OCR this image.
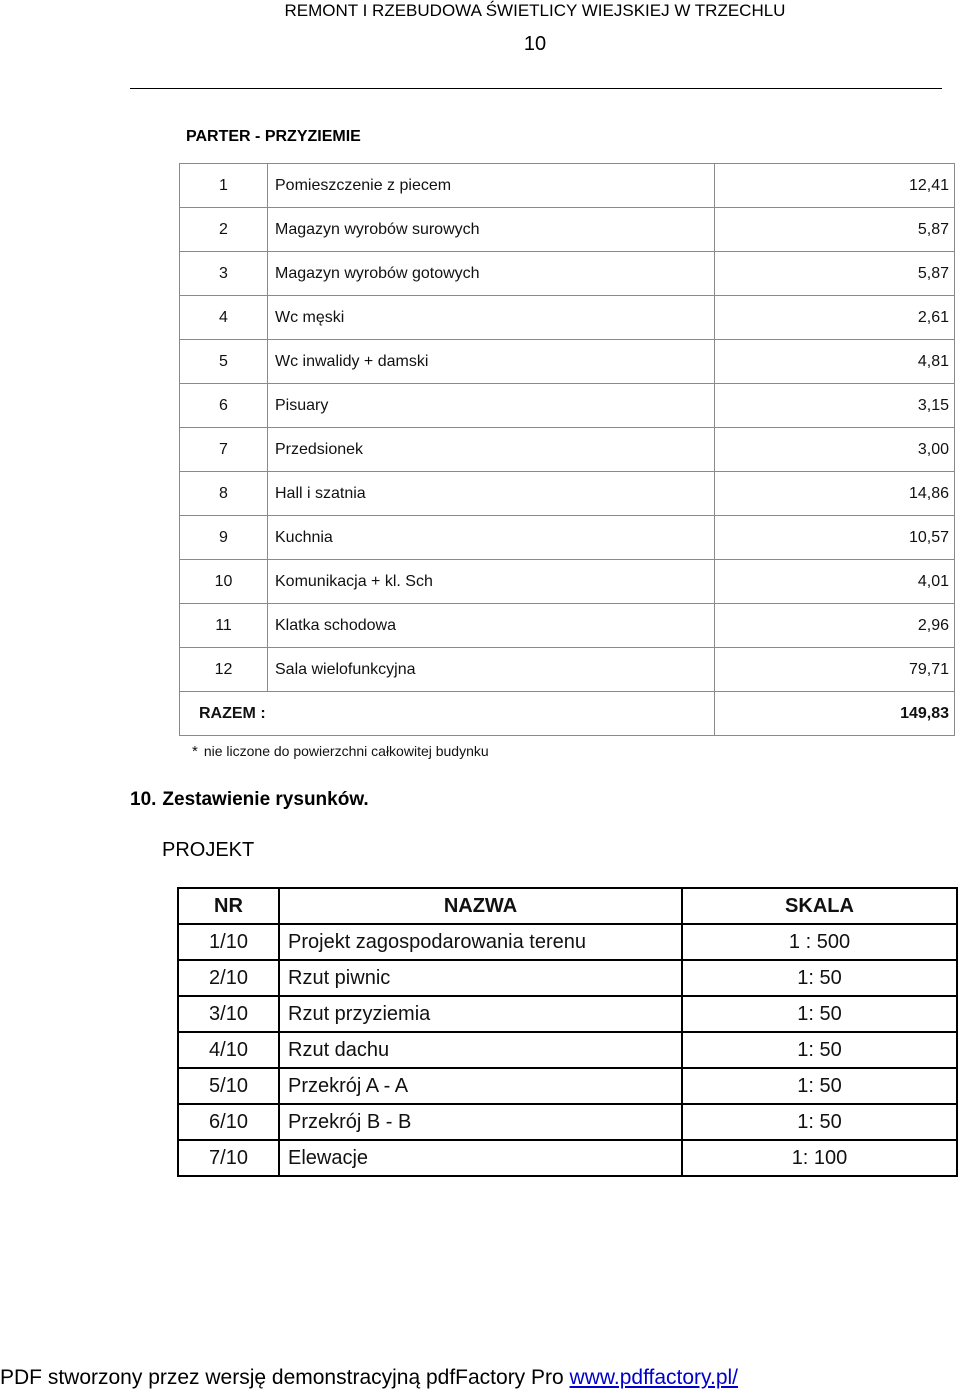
REMONT I RZEBUDOWA ŚWIETLICY WIEJSKIEJ W TRZECHLU
10
PARTER - PRZYZIEMIE
1	Pomieszczenie z piecem	12,41
2	Magazyn wyrobów surowych	5,87
3	Magazyn wyrobów gotowych	5,87
4	Wc męski	2,61
5	Wc inwalidy + damski	4,81
6	Pisuary	3,15
7	Przedsionek	3,00
8	Hall i szatnia	14,86
9	Kuchnia	10,57
10	Komunikacja + kl. Sch	4,01
11	Klatka schodowa	2,96
12	Sala wielofunkcyjna	79,71
RAZEM :		149,83
* nie liczone do powierzchni całkowitej budynku
10. Zestawienie rysunków.
PROJEKT
NR	NAZWA	SKALA
1/10	Projekt zagospodarowania terenu	1 : 500
2/10	Rzut piwnic	1: 50
3/10	Rzut przyziemia	1: 50
4/10	Rzut dachu	1: 50
5/10	Przekrój A - A	1: 50
6/10	Przekrój B - B	1: 50
7/10	Elewacje	1: 100
PDF stworzony przez wersję demonstracyjną pdfFactory Pro www.pdffactory.pl/
